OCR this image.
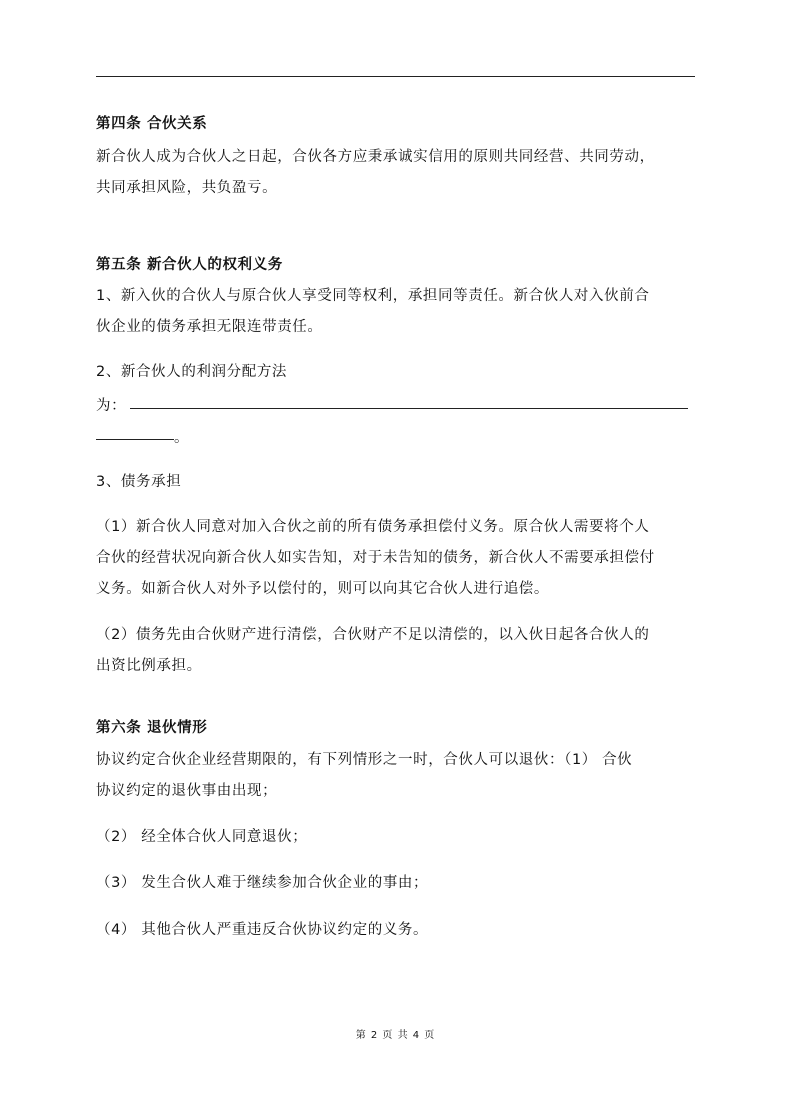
第四条 合伙关系
新合伙人成为合伙人之日起，合伙各方应秉承诚实信用的原则共同经营、共同劳动，
共同承担风险，共负盈亏。
第五条 新合伙人的权利义务
1、新入伙的合伙人与原合伙人享受同等权利，承担同等责任。新合伙人对入伙前合
伙企业的债务承担无限连带责任。
2、新合伙人的利润分配方法
为：
。
3、债务承担
（1）新合伙人同意对加入合伙之前的所有债务承担偿付义务。原合伙人需要将个人
合伙的经营状况向新合伙人如实告知，对于未告知的债务，新合伙人不需要承担偿付
义务。如新合伙人对外予以偿付的，则可以向其它合伙人进行追偿。
（2）债务先由合伙财产进行清偿，合伙财产不足以清偿的，以入伙日起各合伙人的
出资比例承担。
第六条 退伙情形
协议约定合伙企业经营期限的，有下列情形之一时，合伙人可以退伙：（1） 合伙
协议约定的退伙事由出现；
（2） 经全体合伙人同意退伙；
（3） 发生合伙人难于继续参加合伙企业的事由；
（4） 其他合伙人严重违反合伙协议约定的义务。
第 2 页 共 4 页
